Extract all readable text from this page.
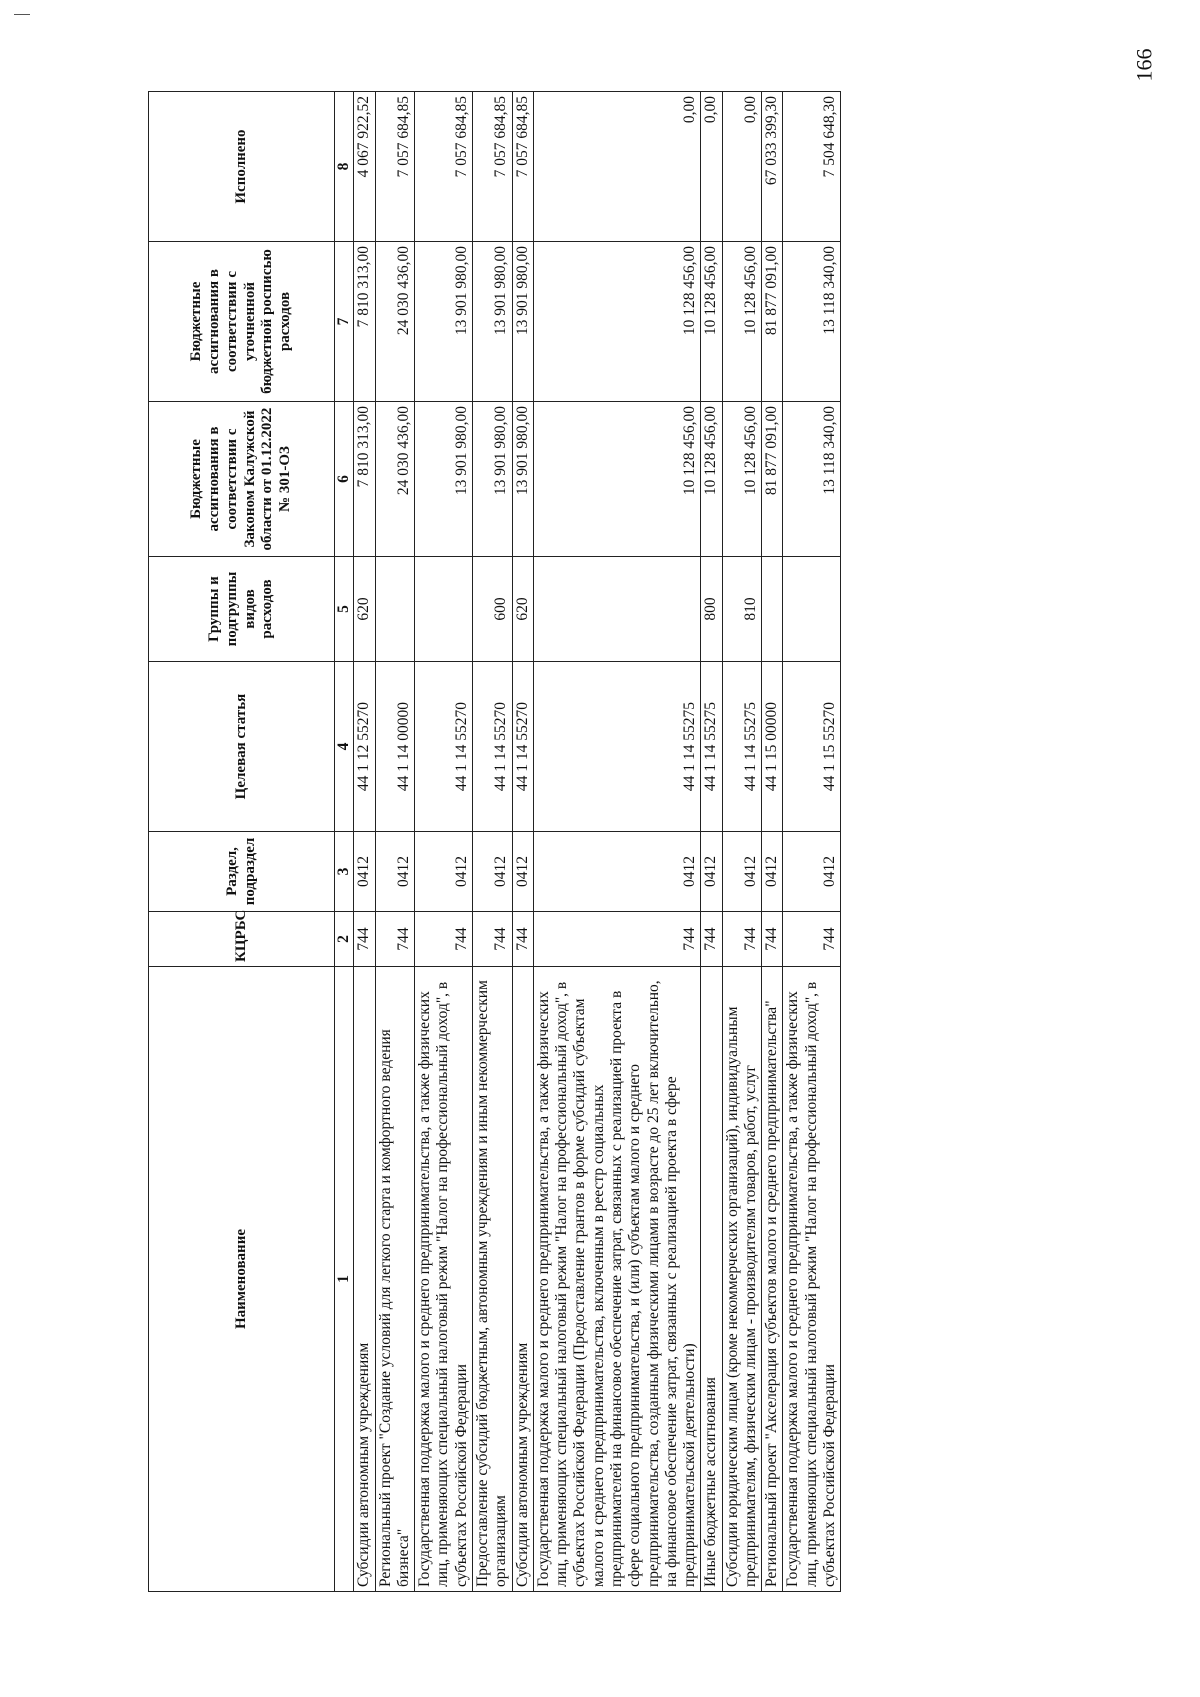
166
Наименование	КЦРБС	Раздел, подраздел	Целевая статья	Группы и подгруппы видов расходов	Бюджетные ассигнования в соответствии с Законом Калужской области от 01.12.2022 № 301-ОЗ	Бюджетные ассигнования в соответствии с уточненной бюджетной росписью расходов	Исполнено
1	2	3	4	5	6	7	8
Субсидии автономным учреждениям	744	0412	44 1 12 55270	620	7 810 313,00	7 810 313,00	4 067 922,52
Региональный проект "Создание условий для легкого старта и комфортного ведения бизнеса"	744	0412	44 1 14 00000		24 030 436,00	24 030 436,00	7 057 684,85
Государственная поддержка малого и среднего предпринимательства, а также физических лиц, применяющих специальный налоговый режим "Налог на профессиональный доход", в субъектах Российской Федерации	744	0412	44 1 14 55270		13 901 980,00	13 901 980,00	7 057 684,85
Предоставление субсидий бюджетным, автономным учреждениям и иным некоммерческим организациям	744	0412	44 1 14 55270	600	13 901 980,00	13 901 980,00	7 057 684,85
Субсидии автономным учреждениям	744	0412	44 1 14 55270	620	13 901 980,00	13 901 980,00	7 057 684,85
Государственная поддержка малого и среднего предпринимательства, а также физических лиц, применяющих специальный налоговый режим "Налог на профессиональный доход", в субъектах Российской Федерации (Предоставление грантов в форме субсидий субъектам малого и среднего предпринимательства, включенным в реестр социальных предпринимателей на финансовое обеспечение затрат, связанных с реализацией проекта в сфере социального предпринимательства, и (или) субъектам малого и среднего предпринимательства, созданным физическими лицами в возрасте до 25 лет включительно, на финансовое обеспечение затрат, связанных с реализацией проекта в сфере предпринимательской деятельности)	744	0412	44 1 14 55275		10 128 456,00	10 128 456,00	0,00
Иные бюджетные ассигнования	744	0412	44 1 14 55275	800	10 128 456,00	10 128 456,00	0,00
Субсидии юридическим лицам (кроме некоммерческих организаций), индивидуальным предпринимателям, физическим лицам - производителям товаров, работ, услуг	744	0412	44 1 14 55275	810	10 128 456,00	10 128 456,00	0,00
Региональный проект "Акселерация субъектов малого и среднего предпринимательства"	744	0412	44 1 15 00000		81 877 091,00	81 877 091,00	67 033 399,30
Государственная поддержка малого и среднего предпринимательства, а также физических лиц, применяющих специальный налоговый режим "Налог на профессиональный доход", в субъектах Российской Федерации	744	0412	44 1 15 55270		13 118 340,00	13 118 340,00	7 504 648,30
